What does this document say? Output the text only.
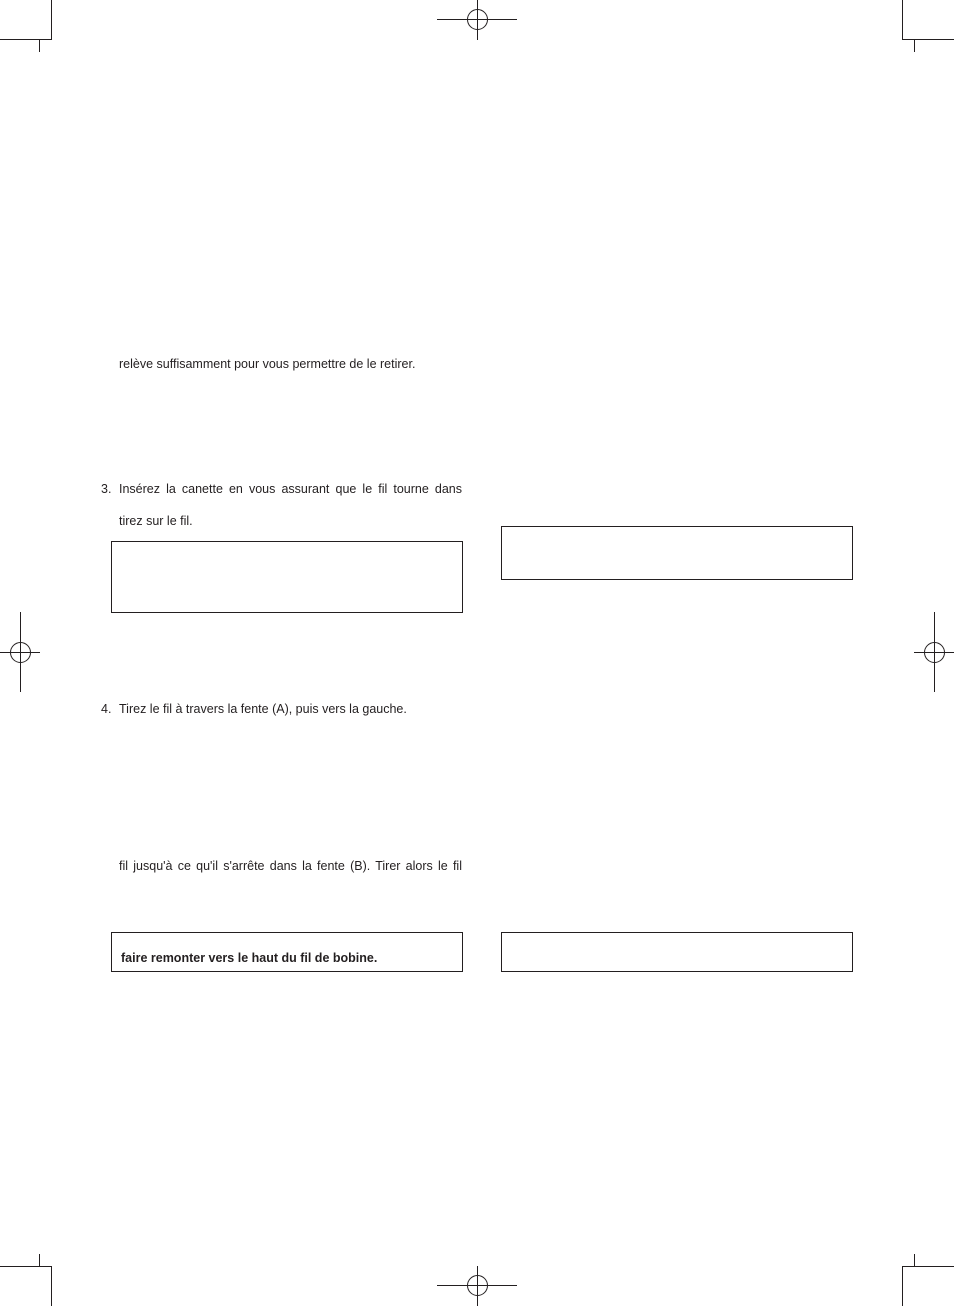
relève suffisamment pour vous permettre de le retirer.
3. Insérez la canette en vous assurant que le fil tourne dans
tirez sur le fil.
4. Tirez le fil à travers la fente (A), puis vers la gauche.
fil jusqu'à ce qu'il s'arrête dans la fente (B). Tirer alors le fil
faire remonter vers le haut du fil de bobine.
